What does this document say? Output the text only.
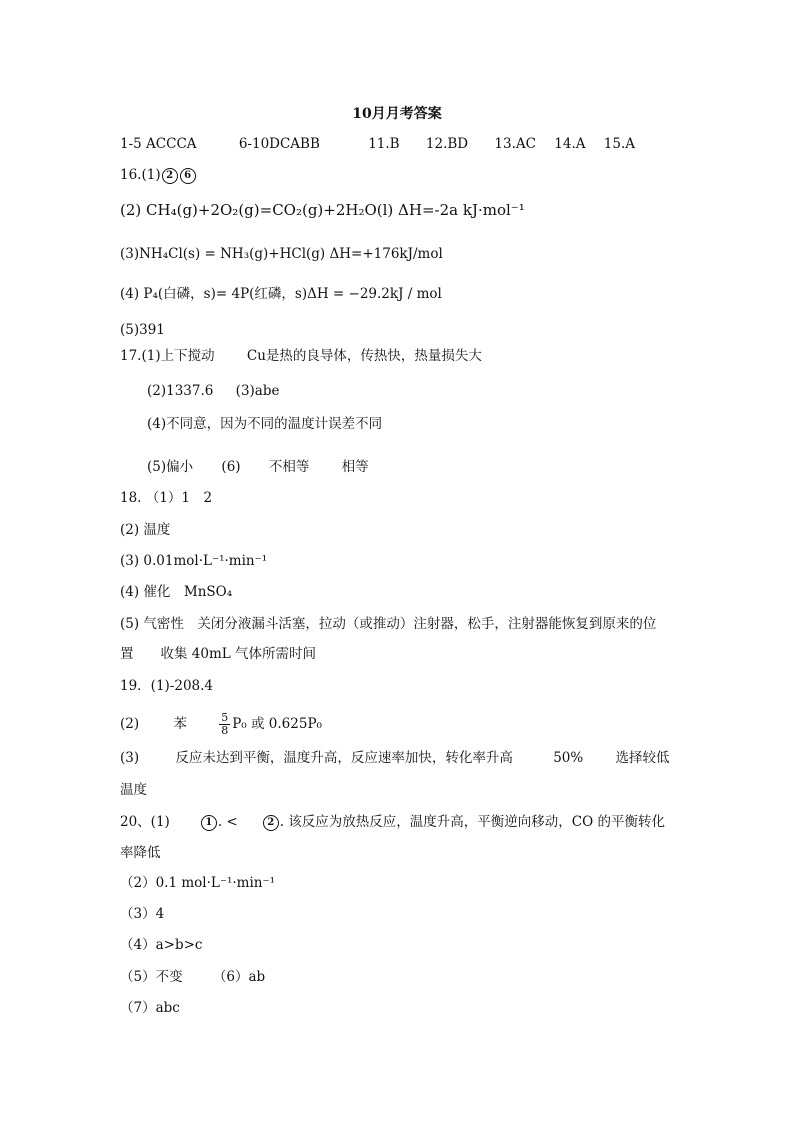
10月月考答案
1-5 ACCCA	6-10DCABB	11.B 12.BD 13.AC 14.A 15.A
16.(1) 2 6
(2) CH₄(g)+2O₂(g)=CO₂(g)+2H₂O(l) ΔH=-2a kJ·mol⁻¹
(3)NH₄Cl(s) = NH₃(g)+HCl(g) ΔH=+176kJ/mol
(4) P₄(白磷，s)= 4P(红磷，s)ΔH = −29.2kJ / mol
(5)391
17.(1)上下搅动 Cu是热的良导体，传热快，热量损失大
(2)1337.6 (3)abe
(4)不同意，因为不同的温度计误差不同
(5)偏小 (6) 不相等 相等
18. （1）1　2
(2) 温度
(3) 0.01mol·L⁻¹·min⁻¹
(4) 催化　MnSO₄
(5) 气密性　关闭分液漏斗活塞，拉动（或推动）注射器，松手，注射器能恢复到原来的位
置　　收集 40mL 气体所需时间
19．(1)-208.4
(2)	苯	$\frac{5}{8} P_0$ 或 0.625P₀
(3)	反应未达到平衡，温度升高，反应速率加快，转化率升高	50% 选择较低
温度
20、(1)	1 . <	2 . 该反应为放热反应，温度升高，平衡逆向移动，CO 的平衡转化
率降低
（2）0.1 mol·L⁻¹·min⁻¹
（3）4
（4）a>b>c
（5）不变 （6）ab
（7）abc
